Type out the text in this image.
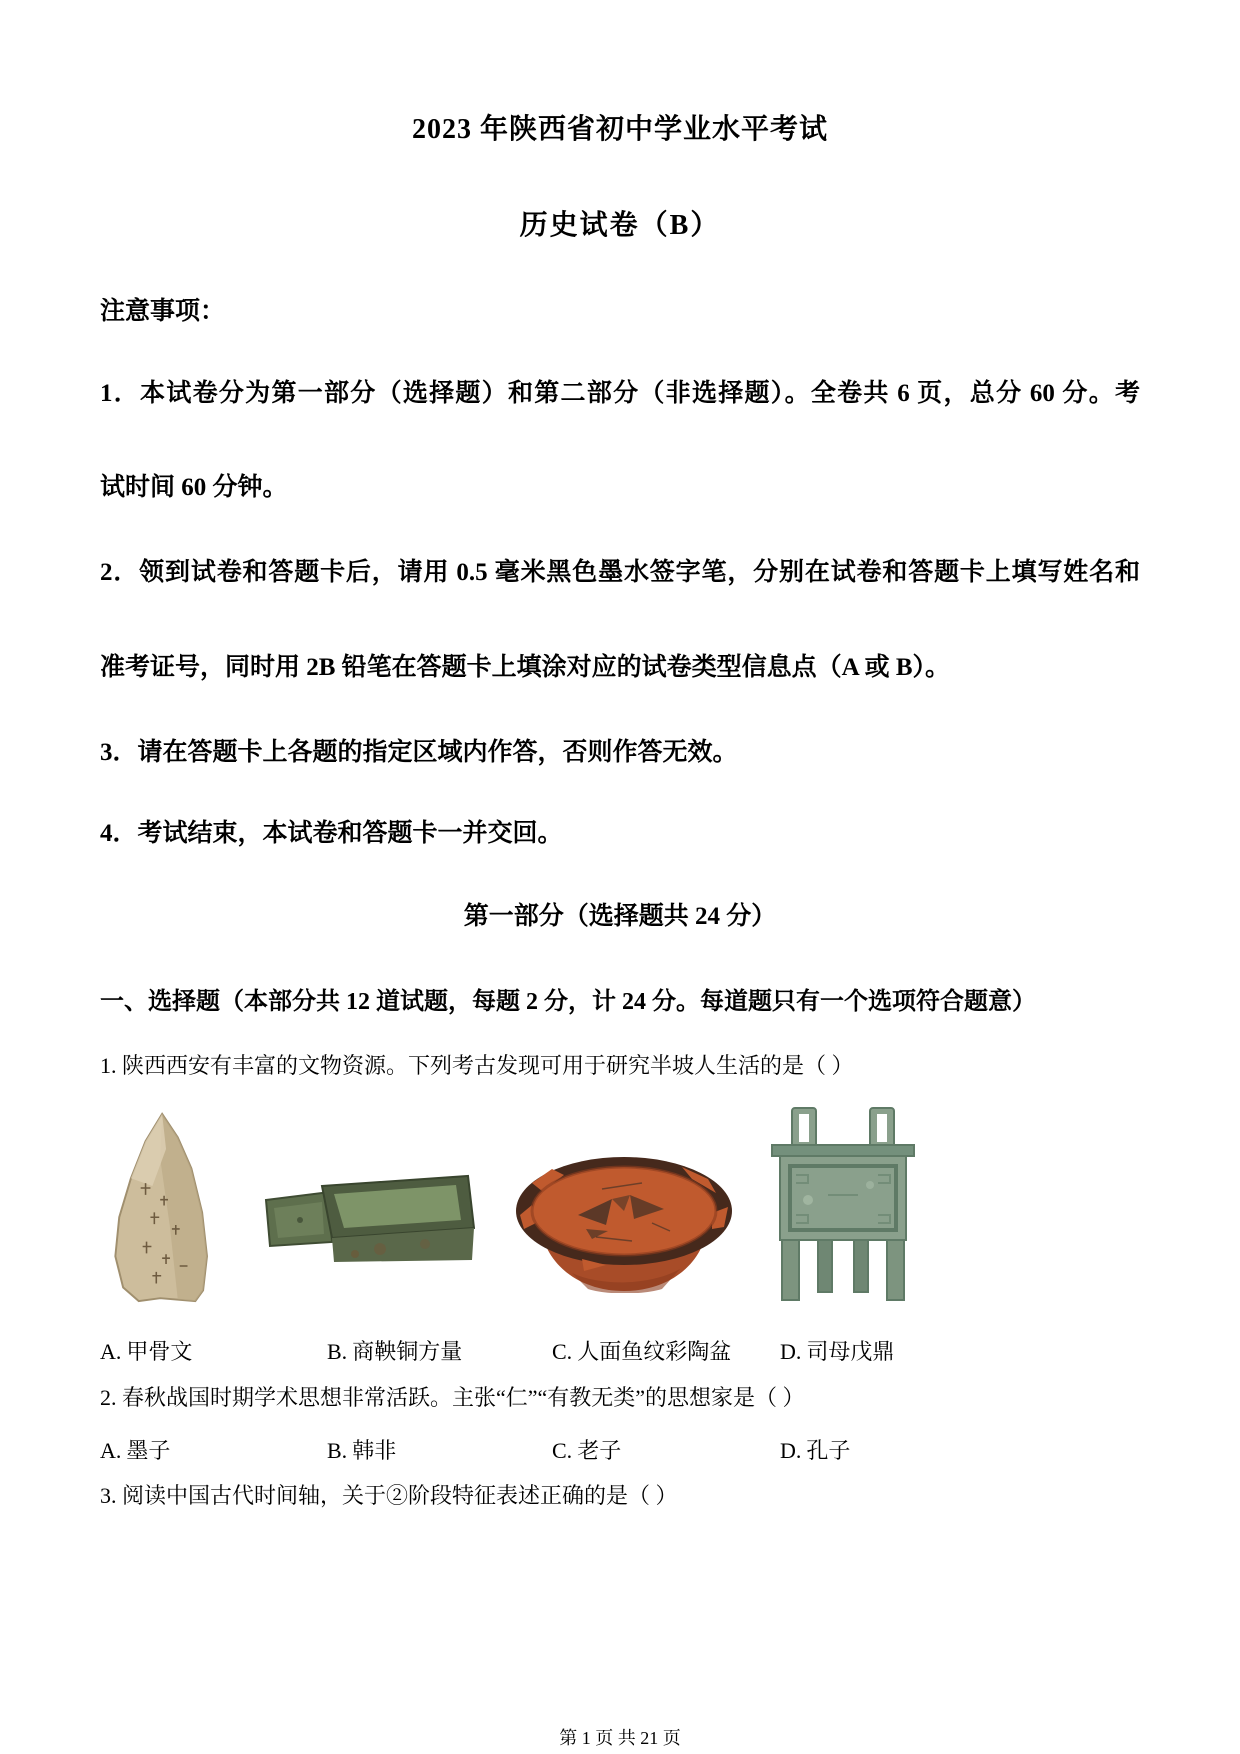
2023 年陕西省初中学业水平考试

历史试卷（B）

注意事项：

1．本试卷分为第一部分（选择题）和第二部分（非选择题）。全卷共 6 页，总分 60 分。考

试时间 60 分钟。

2．领到试卷和答题卡后，请用 0.5 毫米黑色墨水签字笔，分别在试卷和答题卡上填写姓名和

准考证号，同时用 2B 铅笔在答题卡上填涂对应的试卷类型信息点（A 或 B）。

3．请在答题卡上各题的指定区域内作答，否则作答无效。

4．考试结束，本试卷和答题卡一并交回。

第一部分（选择题共 24 分）

一、选择题（本部分共 12 道试题，每题 2 分，计 24 分。每道题只有一个选项符合题意）

1. 陕西西安有丰富的文物资源。下列考古发现可用于研究半坡人生活的是（ ）

A. 甲骨文	B. 商鞅铜方量	C. 人面鱼纹彩陶盆	D. 司母戊鼎

2. 春秋战国时期学术思想非常活跃。主张“仁”“有教无类”的思想家是（ ）

A. 墨子	B. 韩非	C. 老子	D. 孔子

3. 阅读中国古代时间轴，关于②阶段特征表述正确的是（ ）

第 1 页 共 21 页
